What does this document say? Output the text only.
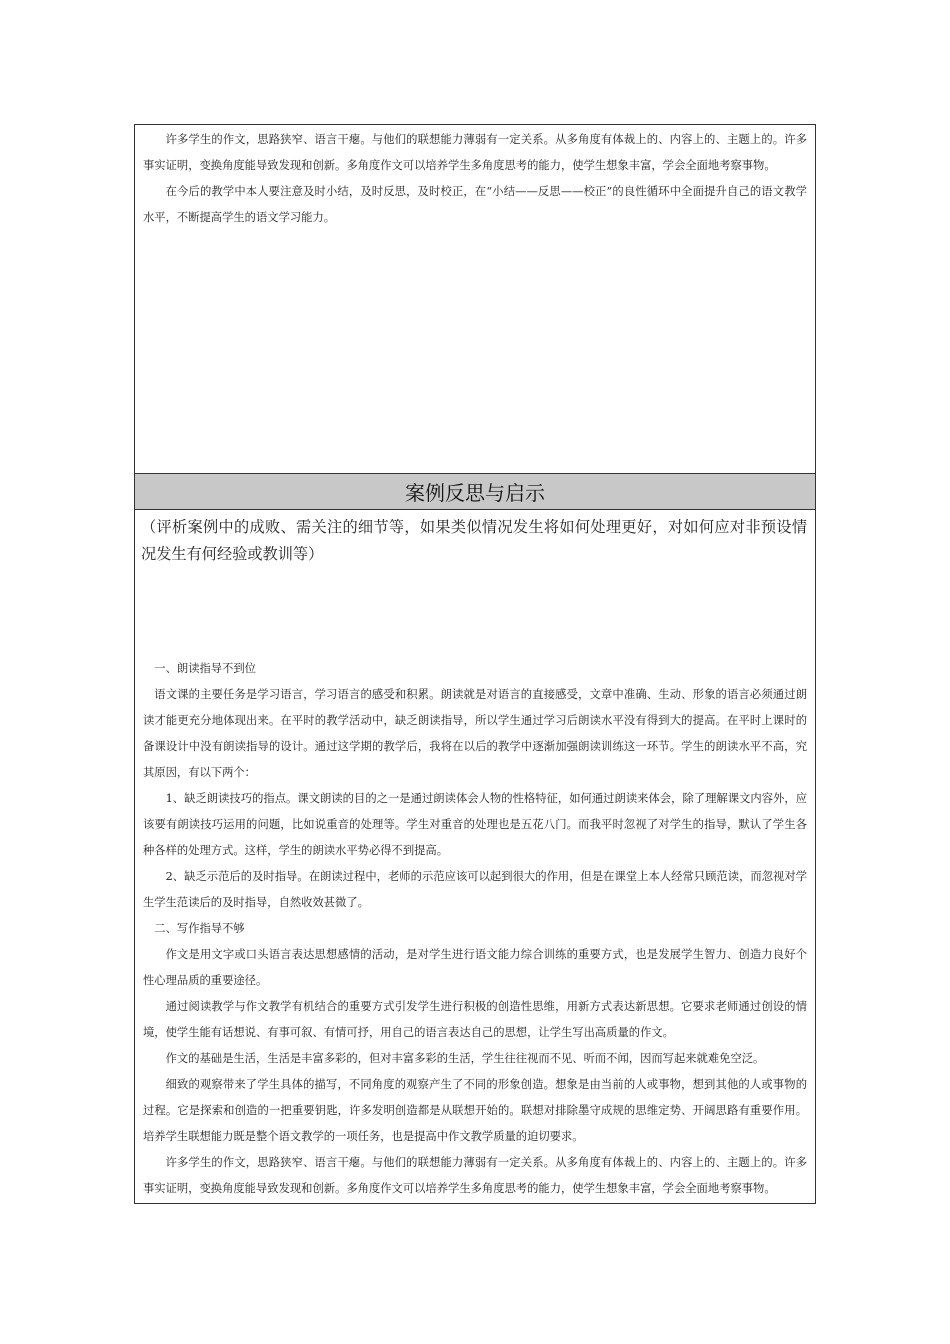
许多学生的作文，思路狭窄、语言干瘪。与他们的联想能力薄弱有一定关系。从多角度有体裁上的、内容上的、主题上的。许多事实证明，变换角度能导致发现和创新。多角度作文可以培养学生多角度思考的能力，使学生想象丰富，学会全面地考察事物。

在今后的教学中本人要注意及时小结，及时反思，及时校正，在“小结——反思——校正”的良性循环中全面提升自己的语文教学水平，不断提高学生的语文学习能力。

案例反思与启示

（评析案例中的成败、需关注的细节等，如果类似情况发生将如何处理更好，对如何应对非预设情况发生有何经验或教训等）

一、朗读指导不到位

语文课的主要任务是学习语言，学习语言的感受和积累。朗读就是对语言的直接感受，文章中准确、生动、形象的语言必须通过朗读才能更充分地体现出来。在平时的教学活动中，缺乏朗读指导，所以学生通过学习后朗读水平没有得到大的提高。在平时上课时的备课设计中没有朗读指导的设计。通过这学期的教学后，我将在以后的教学中逐渐加强朗读训练这一环节。学生的朗读水平不高，究其原因，有以下两个：

1、缺乏朗读技巧的指点。课文朗读的目的之一是通过朗读体会人物的性格特征，如何通过朗读来体会，除了理解课文内容外，应该要有朗读技巧运用的问题，比如说重音的处理等。学生对重音的处理也是五花八门。而我平时忽视了对学生的指导，默认了学生各种各样的处理方式。这样，学生的朗读水平势必得不到提高。

2、缺乏示范后的及时指导。在朗读过程中，老师的示范应该可以起到很大的作用，但是在课堂上本人经常只顾范读，而忽视对学生学生范读后的及时指导，自然收效甚微了。

二、写作指导不够

作文是用文字或口头语言表达思想感情的活动，是对学生进行语文能力综合训练的重要方式，也是发展学生智力、创造力良好个性心理品质的重要途径。

通过阅读教学与作文教学有机结合的重要方式引发学生进行积极的创造性思维，用新方式表达新思想。它要求老师通过创设的情境，使学生能有话想说、有事可叙、有情可抒，用自己的语言表达自己的思想，让学生写出高质量的作文。

作文的基础是生活，生活是丰富多彩的，但对丰富多彩的生活，学生往往视而不见、听而不闻，因而写起来就难免空泛。

细致的观察带来了学生具体的描写，不同角度的观察产生了不同的形象创造。想象是由当前的人或事物，想到其他的人或事物的过程。它是探索和创造的一把重要钥匙，许多发明创造都是从联想开始的。联想对排除墨守成规的思维定势、开阔思路有重要作用。培养学生联想能力既是整个语文教学的一项任务，也是提高中作文教学质量的迫切要求。

许多学生的作文，思路狭窄、语言干瘪。与他们的联想能力薄弱有一定关系。从多角度有体裁上的、内容上的、主题上的。许多事实证明，变换角度能导致发现和创新。多角度作文可以培养学生多角度思考的能力，使学生想象丰富，学会全面地考察事物。
